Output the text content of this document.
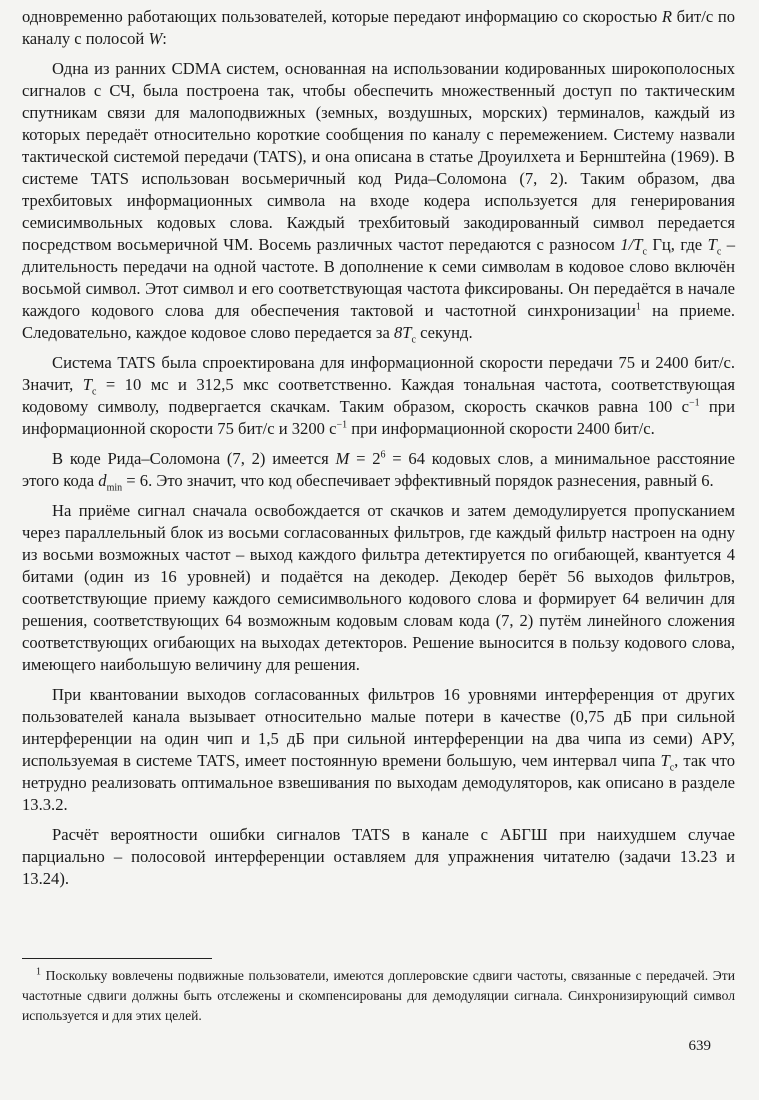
одновременно работающих пользователей, которые передают информацию со скоростью R бит/с по каналу с полосой W:

Одна из ранних CDMA систем, основанная на использовании кодированных широкополосных сигналов с СЧ, была построена так, чтобы обеспечить множественный доступ по тактическим спутникам связи для малоподвижных (земных, воздушных, морских) терминалов, каждый из которых передаёт относительно короткие сообщения по каналу с перемежением. Систему назвали тактической системой передачи (TATS), и она описана в статье Дроуилхета и Бернштейна (1969). В системе TATS использован восьмеричный код Рида–Соломона (7, 2). Таким образом, два трехбитовых информационных символа на входе кодера используется для генерирования семисимвольных кодовых слова. Каждый трехбитовый закодированный символ передается посредством восьмеричной ЧМ. Восемь различных частот передаются с разносом $1/T_c$ Гц, где $T_c$ – длительность передачи на одной частоте. В дополнение к семи символам в кодовое слово включён восьмой символ. Этот символ и его соответствующая частота фиксированы. Он передаётся в начале каждого кодового слова для обеспечения тактовой и частотной синхронизации$^1$ на приеме. Следовательно, каждое кодовое слово передается за $8T_c$ секунд.

Система TATS была спроектирована для информационной скорости передачи 75 и 2400 бит/с. Значит, $T_c = 10$ мс и 312,5 мкс соответственно. Каждая тональная частота, соответствующая кодовому символу, подвергается скачкам. Таким образом, скорость скачков равна 100 $с^{-1}$ при информационной скорости 75 бит/с и 3200 $с^{-1}$ при информационной скорости 2400 бит/с.

В коде Рида–Соломона (7, 2) имеется $M = 2^6 = 64$ кодовых слов, а минимальное расстояние этого кода $d_{min} = 6$. Это значит, что код обеспечивает эффективный порядок разнесения, равный 6.

На приёме сигнал сначала освобождается от скачков и затем демодулируется пропусканием через параллельный блок из восьми согласованных фильтров, где каждый фильтр настроен на одну из восьми возможных частот – выход каждого фильтра детектируется по огибающей, квантуется 4 битами (один из 16 уровней) и подаётся на декодер. Декодер берёт 56 выходов фильтров, соответствующие приему каждого семисимвольного кодового слова и формирует 64 величин для решения, соответствующих 64 возможным кодовым словам кода (7, 2) путём линейного сложения соответствующих огибающих на выходах детекторов. Решение выносится в пользу кодового слова, имеющего наибольшую величину для решения.

При квантовании выходов согласованных фильтров 16 уровнями интерференция от других пользователей канала вызывает относительно малые потери в качестве (0,75 дБ при сильной интерференции на один чип и 1,5 дБ при сильной интерференции на два чипа из семи) АРУ, используемая в системе TATS, имеет постоянную времени большую, чем интервал чипа $T_c$, так что нетрудно реализовать оптимальное взвешивания по выходам демодуляторов, как описано в разделе 13.3.2.

Расчёт вероятности ошибки сигналов TATS в канале с АБГШ при наихудшем случае парциально – полосовой интерференции оставляем для упражнения читателю (задачи 13.23 и 13.24).

$^1$ Поскольку вовлечены подвижные пользователи, имеются доплеровские сдвиги частоты, связанные с передачей. Эти частотные сдвиги должны быть отслежены и скомпенсированы для демодуляции сигнала. Синхронизирующий символ используется и для этих целей.
639
